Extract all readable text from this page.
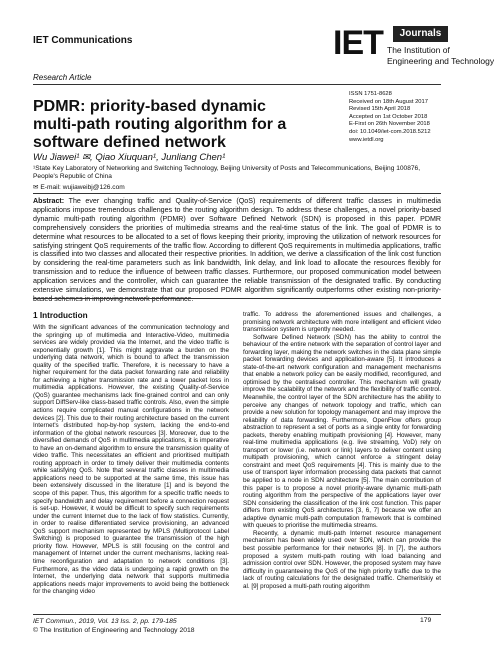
IET Communications
Research Article
IET	Journals
The Institution of
Engineering and Technology
PDMR: priority-based dynamic multi-path routing algorithm for a software defined network
ISSN 1751-8628
Received on 18th August 2017
Revised 15th April 2018
Accepted on 1st October 2018
E-First on 26th November 2018
doi: 10.1049/iet-com.2018.5212
www.ietdl.org
Wu Jiawei¹ ✉, Qiao Xiuquan¹, Junliang Chen¹
¹State Key Laboratory of Networking and Switching Technology, Beijing University of Posts and Telecommunications, Beijing 100876, People's Republic of China
✉ E-mail: wujiaweibj@126.com
Abstract: The ever changing traffic and Quality-of-Service (QoS) requirements of different traffic classes in multimedia applications impose tremendous challenges to the routing algorithm design. To address these challenges, a novel priority-based dynamic multi-path routing algorithm (PDMR) over Software Defined Network (SDN) is proposed in this paper. PDMR comprehensively considers the priorities of multimedia streams and the real-time status of the link. The goal of PDMR is to determine what resources to be allocated to a set of flows keeping their priority, improving the utilization of network resources for satisfying stringent QoS requirements of the traffic flow. According to different QoS requirements in multimedia applications, traffic is classified into two classes and allocated their respective priorities. In addition, we derive a classification of the link cost function by considering the real-time parameters such as link bandwidth, link delay, and link load to allocate the resources flexibly for transmission and to reduce the influence of between traffic classes. Furthermore, our proposed communication model between application services and the controller, which can guarantee the reliable transmission of the designated traffic. By conducting extensive simulations, we demonstrate that our proposed PDMR algorithm significantly outperforms other existing non-priority-
1 Introduction

With the significant advances of the communication technology and the springing up of multimedia and Interactive-Video, multimedia services are widely provided via the Internet, and the video traffic is exponentially growth [1]. This might aggravate a burden on the underlying data network, which is bound to affect the transmission quality of the specified traffic. Therefore, it is necessary to have a higher requirement for the data packet forwarding rate and reliability for achieving a higher transmission rate and a lower packet loss in multimedia applications. However, the existing Quality-of-Service (QoS) guarantee mechanisms lack fine-grained control and can only support DiffServ-like class-based traffic controls. Also, even the simple actions require complicated manual configurations in the network devices [2]. This due to their routing architecture based on the current Internet's distributed hop-by-hop system, lacking the end-to-end information of the global network resources [3]. Moreover, due to the diversified demands of QoS in multimedia applications, it is imperative to have an on-demand algorithm to ensure the transmission quality of video traffic. This necessitates an efficient and prioritised multipath routing approach in order to timely deliver their multimedia contents while satisfying QoS. Note that several traffic classes in multimedia applications need to be supported at the same time, this issue has been extensively discussed in the literature [1] and is beyond the scope of this paper. Thus, this algorithm for a specific traffic needs to specify bandwidth and delay requirement before a connection request is set-up. However, it would be difficult to specify such requirements under the current Internet due to the lack of flow statistics. Currently, in order to realise differentiated service provisioning, an advanced QoS support mechanism represented by MPLS (Multiprotocol Label Switching) is proposed to guarantee the transmission of the high priority flow. However, MPLS is still focusing on the control and management of Internet under the current mechanisms, lacking real-time reconfiguration and adaptation to network conditions [3]. Furthermore, as the video data is undergoing a rapid growth on the Internet, the underlying data network that supports multimedia applications needs major improvements to avoid being the bottleneck for the changing video

traffic. To address the aforementioned issues and challenges, a promising network architecture with more intelligent and efficient video transmission system is urgently needed.

Software Defined Network (SDN) has the ability to control the behaviour of the entire network with the separation of control layer and forwarding layer, making the network switches in the data plane simple packet forwarding devices and application-aware [5]. It introduces a state-of-the-art network configuration and management mechanisms that enable a network policy can be easily modified, reconfigured, and optimised by the centralised controller. This mechanism will greatly improve the scalability of the network and the flexibility of traffic control. Meanwhile, the control layer of the SDN architecture has the ability to perceive any changes of network topology and traffic, which can provide a new solution for topology management and may improve the reliability of data forwarding. Furthermore, OpenFlow offers group abstraction to represent a set of ports as a single entity for forwarding packets, thereby enabling multipath provisioning [4]. However, many real-time multimedia applications (e.g. live streaming, VoD) rely on transport or lower (i.e. network or link) layers to deliver content using multipath provisioning, which cannot enforce a stringent delay constraint and meet QoS requirements [4]. This is mainly due to the use of transport layer information processing data packets that cannot be applied to a node in SDN architecture [5]. The main contribution of this paper is to propose a novel priority-aware dynamic multi-path routing algorithm from the perspective of the applications layer over SDN considering the classification of the link cost function. This paper differs from existing QoS architectures [3, 6, 7] because we offer an adaptive dynamic multi-path computation framework that is combined with queues to prioritise the multimedia streams.

Recently, a dynamic multi-path Internet resource management mechanism has been widely used over SDN, which can provide the best possible performance for their networks [8]. In [7], the authors proposed a system multi-path routing with load balancing and admission control over SDN. However, the proposed system may have difficulty in guaranteeing the QoS of the high priority traffic due to the lack of routing calculations for the designated traffic. Chemeritskiy et al. [9] proposed a multi-path routing algorithm

IET Commun., 2019, Vol. 13 Iss. 2, pp. 179-185
© The Institution of Engineering and Technology 2018
179
